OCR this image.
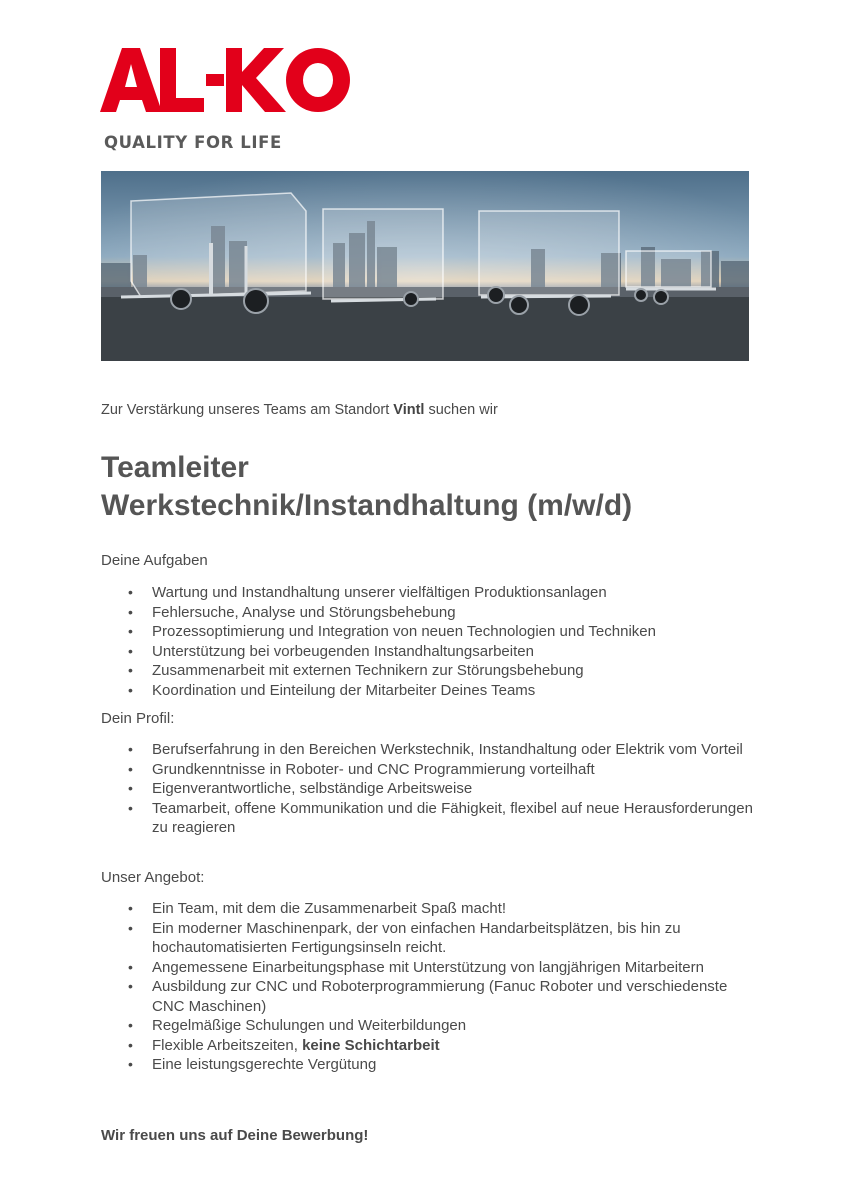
QUALITY FOR LIFE
Zur Verstärkung unseres Teams am Standort Vintl suchen wir
Teamleiter
Werkstechnik/Instandhaltung (m/w/d)
Deine Aufgaben
• Wartung und Instandhaltung unserer vielfältigen Produktionsanlagen
• Fehlersuche, Analyse und Störungsbehebung
• Prozessoptimierung und Integration von neuen Technologien und Techniken
• Unterstützung bei vorbeugenden Instandhaltungsarbeiten
• Zusammenarbeit mit externen Technikern zur Störungsbehebung
• Koordination und Einteilung der Mitarbeiter Deines Teams
Dein Profil:
• Berufserfahrung in den Bereichen Werkstechnik, Instandhaltung oder Elektrik vom Vorteil
• Grundkenntnisse in Roboter- und CNC Programmierung vorteilhaft
• Eigenverantwortliche, selbständige Arbeitsweise
• Teamarbeit, offene Kommunikation und die Fähigkeit, flexibel auf neue Herausforderungen zu reagieren
Unser Angebot:
• Ein Team, mit dem die Zusammenarbeit Spaß macht!
• Ein moderner Maschinenpark, der von einfachen Handarbeitsplätzen, bis hin zu hochautomatisierten Fertigungsinseln reicht.
• Angemessene Einarbeitungsphase mit Unterstützung von langjährigen Mitarbeitern
• Ausbildung zur CNC und Roboterprogrammierung (Fanuc Roboter und verschiedenste CNC Maschinen)
• Regelmäßige Schulungen und Weiterbildungen
• Flexible Arbeitszeiten, keine Schichtarbeit
• Eine leistungsgerechte Vergütung
Wir freuen uns auf Deine Bewerbung!
